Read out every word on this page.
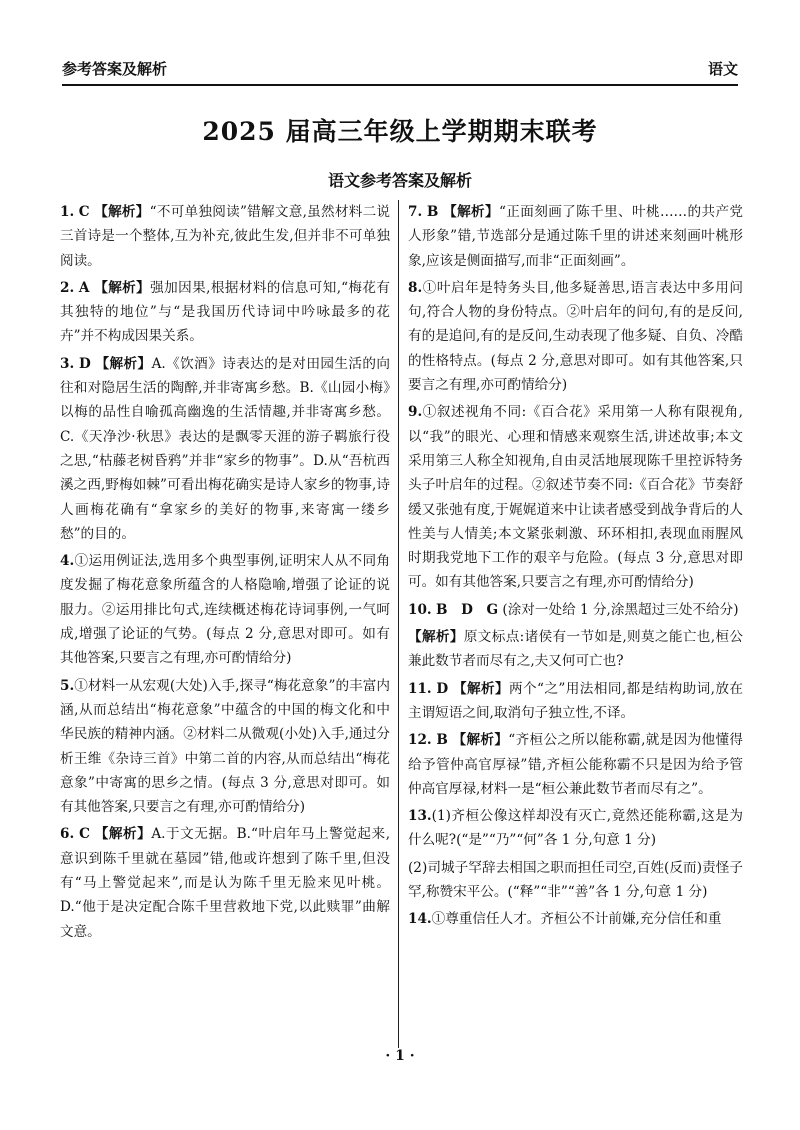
参考答案及解析	语文
2025 届高三年级上学期期末联考
语文参考答案及解析
1. C 【解析】“不可单独阅读”错解文意,虽然材料二说三首诗是一个整体,互为补充,彼此生发,但并非不可单独阅读。
2. A 【解析】强加因果,根据材料的信息可知,“梅花有其独特的地位”与“是我国历代诗词中吟咏最多的花卉”并不构成因果关系。
3. D 【解析】A.《饮酒》诗表达的是对田园生活的向往和对隐居生活的陶醉,并非寄寓乡愁。B.《山园小梅》以梅的品性自喻孤高幽逸的生活情趣,并非寄寓乡愁。C.《天净沙·秋思》表达的是飘零天涯的游子羁旅行役之思,“枯藤老树昏鸦”并非“家乡的物事”。D.从“吾杭西溪之西,野梅如棘”可看出梅花确实是诗人家乡的物事,诗人画梅花确有“拿家乡的美好的物事,来寄寓一缕乡愁”的目的。
4.①运用例证法,选用多个典型事例,证明宋人从不同角度发掘了梅花意象所蕴含的人格隐喻,增强了论证的说服力。②运用排比句式,连续概述梅花诗词事例,一气呵成,增强了论证的气势。(每点 2 分,意思对即可。如有其他答案,只要言之有理,亦可酌情给分)
5.①材料一从宏观(大处)入手,探寻“梅花意象”的丰富内涵,从而总结出“梅花意象”中蕴含的中国的梅文化和中华民族的精神内涵。②材料二从微观(小处)入手,通过分析王维《杂诗三首》中第二首的内容,从而总结出“梅花意象”中寄寓的思乡之情。(每点 3 分,意思对即可。如有其他答案,只要言之有理,亦可酌情给分)
6. C 【解析】A.于文无据。B.“叶启年马上警觉起来,意识到陈千里就在墓园”错,他或许想到了陈千里,但没有“马上警觉起来”,而是认为陈千里无脸来见叶桃。D.“他于是决定配合陈千里营救地下党,以此赎罪”曲解文意。
7. B 【解析】“正面刻画了陈千里、叶桃……的共产党人形象”错,节选部分是通过陈千里的讲述来刻画叶桃形象,应该是侧面描写,而非“正面刻画”。
8.①叶启年是特务头目,他多疑善思,语言表达中多用问句,符合人物的身份特点。②叶启年的问句,有的是反问,有的是追问,有的是反问,生动表现了他多疑、自负、冷酷的性格特点。(每点 2 分,意思对即可。如有其他答案,只要言之有理,亦可酌情给分)
9.①叙述视角不同:《百合花》采用第一人称有限视角,以“我”的眼光、心理和情感来观察生活,讲述故事;本文采用第三人称全知视角,自由灵活地展现陈千里控诉特务头子叶启年的过程。②叙述节奏不同:《百合花》节奏舒缓又张弛有度,于娓娓道来中让读者感受到战争背后的人性美与人情美;本文紧张刺激、环环相扣,表现血雨腥风时期我党地下工作的艰辛与危险。(每点 3 分,意思对即可。如有其他答案,只要言之有理,亦可酌情给分)
10. B　D　G (涂对一处给 1 分,涂黑超过三处不给分)
【解析】原文标点:诸侯有一节如是,则莫之能亡也,桓公兼此数节者而尽有之,夫又何可亡也?
11. D 【解析】两个“之”用法相同,都是结构助词,放在主谓短语之间,取消句子独立性,不译。
12. B 【解析】“齐桓公之所以能称霸,就是因为他懂得给予管仲高官厚禄”错,齐桓公能称霸不只是因为给予管仲高官厚禄,材料一是“桓公兼此数节者而尽有之”。
13.(1)齐桓公像这样却没有灭亡,竟然还能称霸,这是为什么呢?(“是”“乃”“何”各 1 分,句意 1 分)
(2)司城子罕辞去相国之职而担任司空,百姓(反而)责怪子罕,称赞宋平公。(“释”“非”“善”各 1 分,句意 1 分)
14.①尊重信任人才。齐桓公不计前嫌,充分信任和重
· 1 ·
